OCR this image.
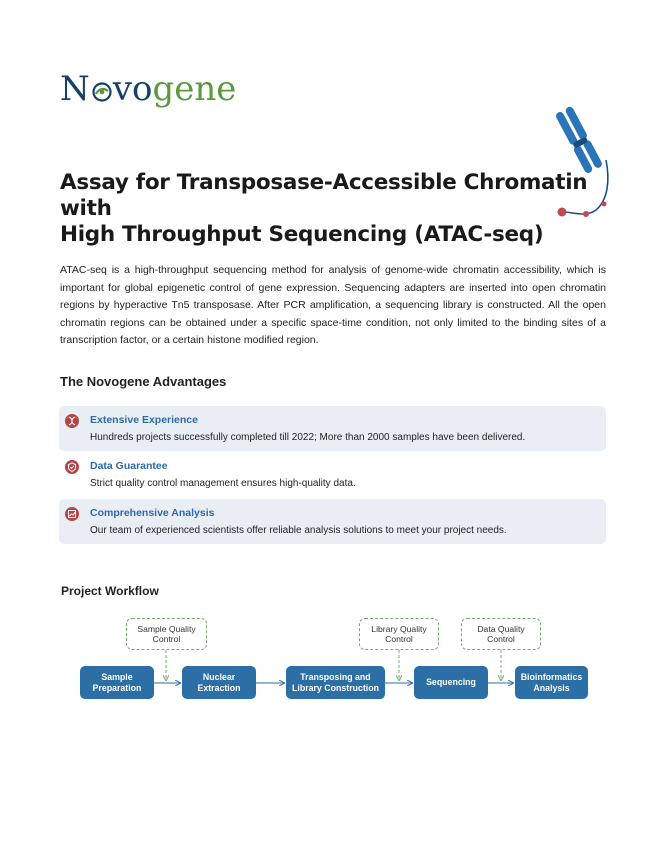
N vo gene
Assay for Transposase-Accessible Chromatin with
High Throughput Sequencing (ATAC-seq)

ATAC-seq is a high-throughput sequencing method for analysis of genome-wide chromatin accessibility, which is important for global epigenetic control of gene expression. Sequencing adapters are inserted into open chromatin regions by hyperactive Tn5 transposase. After PCR amplification, a sequencing library is constructed. All the open chromatin regions can be obtained under a specific space-time condition, not only limited to the binding sites of a transcription factor, or a certain histone modified region.

The Novogene Advantages
Extensive Experience
Hundreds projects successfully completed till 2022; More than 2000 samples have been delivered.
Data Guarantee
Strict quality control management ensures high-quality data.
Comprehensive Analysis
Our team of experienced scientists offer reliable analysis solutions to meet your project needs.
Project Workflow
Sample Quality Control
Library Quality Control
Data Quality Control
Sample Preparation
Nuclear Extraction
Transposing and Library Construction
Sequencing
Bioinformatics Analysis
